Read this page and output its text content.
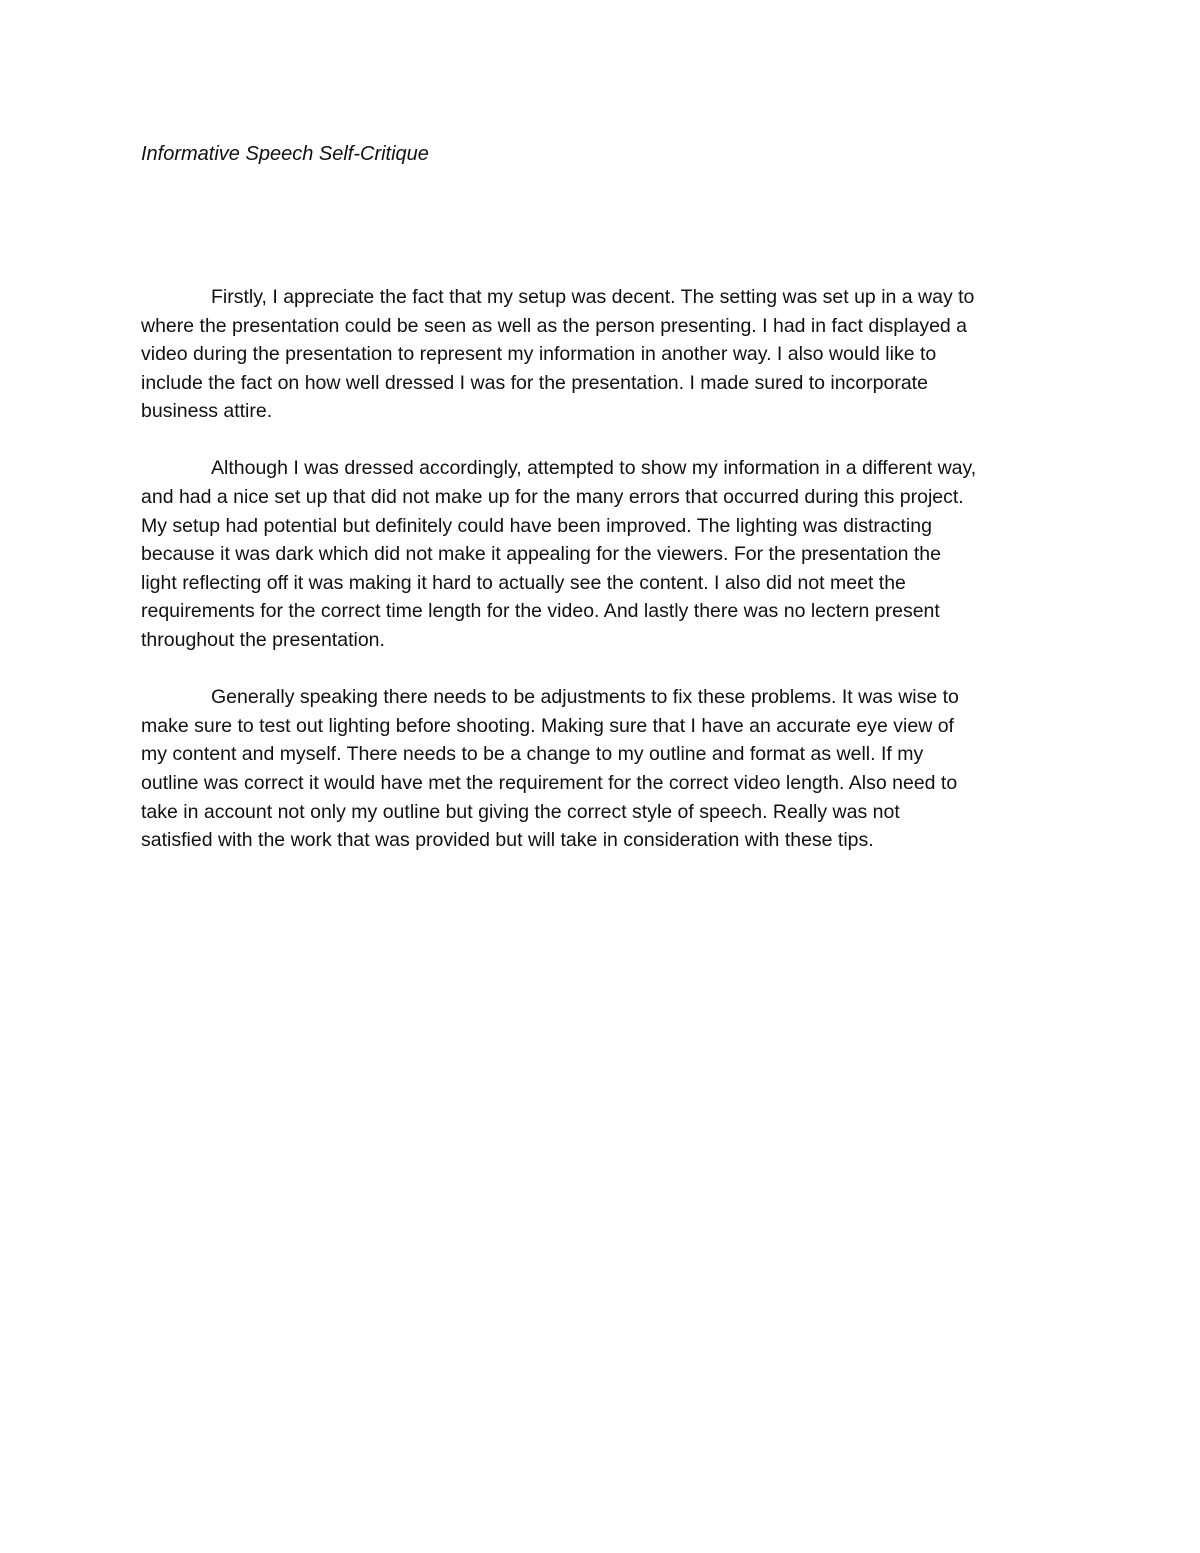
Informative Speech Self-Critique

Firstly, I appreciate the fact that my setup was decent. The setting was set up in a way to
where the presentation could be seen as well as the person presenting. I had in fact displayed a
video during the presentation to represent my information in another way. I also would like to
include the fact on how well dressed I was for the presentation. I made sured to incorporate
business attire.

Although I was dressed accordingly, attempted to show my information in a different way,
and had a nice set up that did not make up for the many errors that occurred during this project.
My setup had potential but definitely could have been improved. The lighting was distracting
because it was dark which did not make it appealing for the viewers. For the presentation the
light reflecting off it was making it hard to actually see the content. I also did not meet the
requirements for the correct time length for the video. And lastly there was no lectern present
throughout the presentation.

Generally speaking there needs to be adjustments to fix these problems. It was wise to
make sure to test out lighting before shooting. Making sure that I have an accurate eye view of
my content and myself. There needs to be a change to my outline and format as well. If my
outline was correct it would have met the requirement for the correct video length. Also need to
take in account not only my outline but giving the correct style of speech. Really was not
satisfied with the work that was provided but will take in consideration with these tips.
